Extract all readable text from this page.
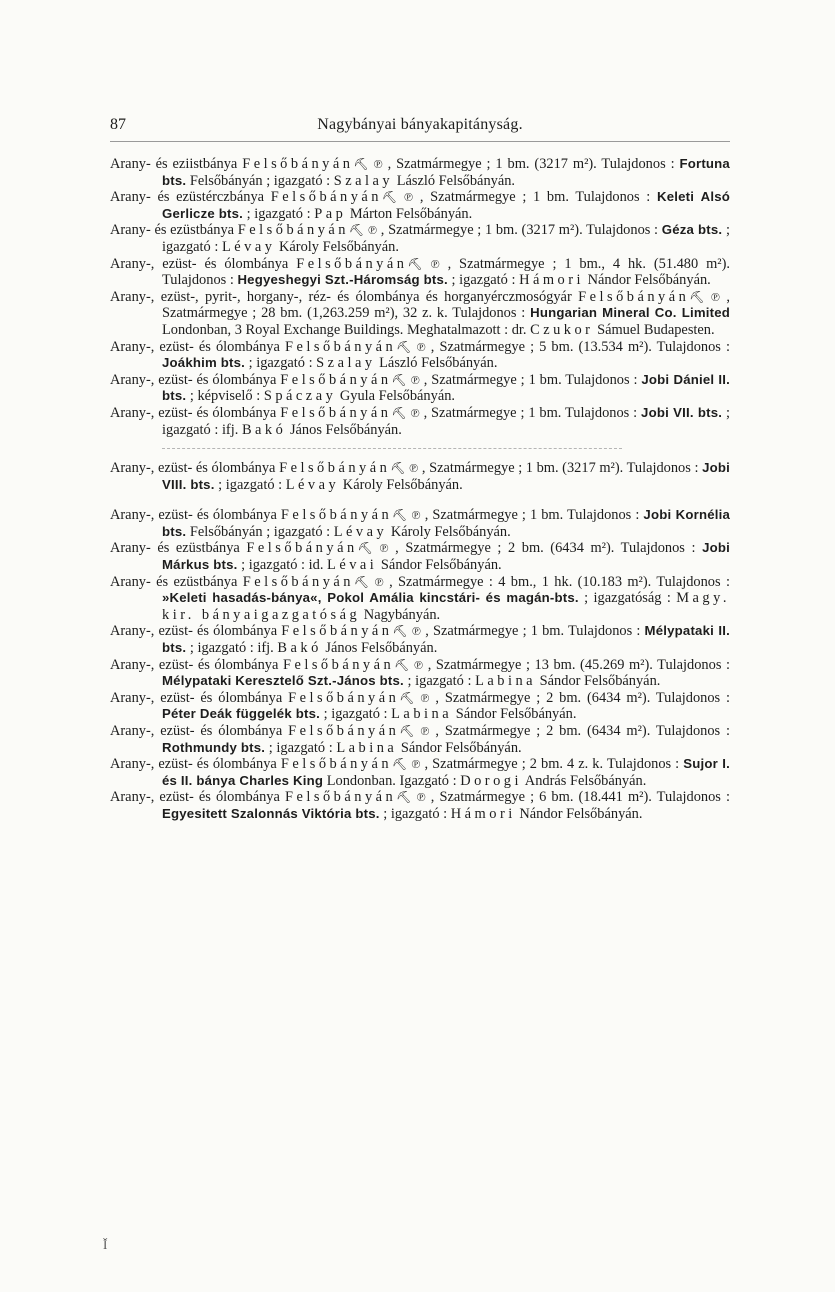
87	Nagybányai bányakapitányság.

Arany- és eziistbánya Felsőbányán⛏ ℗ , Szatmármegye ; 1 bm. (3217 m²). Tulajdonos : Fortuna bts. Felsőbányán ; igazgató : Szalay László Felsőbányán.

Arany- és ezüstérczbánya Felsőbányán⛏ ℗ , Szatmármegye ; 1 bm. Tulajdonos : Keleti Alsó Gerlicze bts. ; igazgató : Pap Márton Felsőbányán.

Arany- és ezüstbánya Felsőbányán⛏ ℗ , Szatmármegye ; 1 bm. (3217 m²). Tulajdonos : Géza bts. ; igazgató : Lévay Károly Felsőbányán.

Arany-, ezüst- és ólombánya Felsőbányán⛏ ℗ , Szatmármegye ; 1 bm., 4 hk. (51.480 m²). Tulajdonos : Hegyeshegyi Szt.-Háromság bts. ; igazgató : Hámori Nándor Felsőbányán.

Arany-, ezüst-, pyrit-, horgany-, réz- és ólombánya és horganyérczmosógyár Felsőbányán⛏ ℗ , Szatmármegye ; 28 bm. (1,263.259 m²), 32 z. k. Tulajdonos : Hungarian Mineral Co. Limited Londonban, 3 Royal Exchange Buildings. Meghatalmazott : dr. Czukor Sámuel Budapesten.

Arany-, ezüst- és ólombánya Felsőbányán⛏ ℗ , Szatmármegye ; 5 bm. (13.534 m²). Tulajdonos : Joákhim bts. ; igazgató : Szalay László Felsőbányán.

Arany-, ezüst- és ólombánya Felsőbányán⛏ ℗ , Szatmármegye ; 1 bm. Tulajdonos : Jobi Dániel II. bts. ; képviselő : Spáczay Gyula Felsőbányán.

Arany-, ezüst- és ólombánya Felsőbányán⛏ ℗ , Szatmármegye ; 1 bm. Tulajdonos : Jobi VII. bts. ; igazgató : ifj. Bakó János Felsőbányán.

Arany-, ezüst- és ólombánya Felsőbányán⛏ ℗ , Szatmármegye ; 1 bm. (3217 m²). Tulajdonos : Jobi VIII. bts. ; igazgató : Lévay Károly Felsőbányán.

Arany-, ezüst- és ólombánya Felsőbányán⛏ ℗ , Szatmármegye ; 1 bm. Tulajdonos : Jobi Kornélia bts. Felsőbányán ; igazgató : Lévay Károly Felsőbányán.

Arany- és ezüstbánya Felsőbányán⛏ ℗ , Szatmármegye ; 2 bm. (6434 m²). Tulajdonos : Jobi Márkus bts. ; igazgató : id. Lévai Sándor Felsőbányán.

Arany- és ezüstbánya Felsőbányán⛏ ℗ , Szatmármegye : 4 bm., 1 hk. (10.183 m²). Tulajdonos : »Keleti hasadás-bánya«, Pokol Amália kincstári- és magán-bts. ; igazgatóság : Magy. kir. bányaigazgatóság Nagybányán.

Arany-, ezüst- és ólombánya Felsőbányán⛏ ℗ , Szatmármegye ; 1 bm. Tulajdonos : Mélypataki II. bts. ; igazgató : ifj. Bakó János Felsőbányán.

Arany-, ezüst- és ólombánya Felsőbányán⛏ ℗ , Szatmármegye ; 13 bm. (45.269 m²). Tulajdonos : Mélypataki Keresztelő Szt.-János bts. ; igazgató : Labina Sándor Felsőbányán.

Arany-, ezüst- és ólombánya Felsőbányán⛏ ℗ , Szatmármegye ; 2 bm. (6434 m²). Tulajdonos : Péter Deák függelék bts. ; igazgató : Labina Sándor Felsőbányán.

Arany-, ezüst- és ólombánya Felsőbányán⛏ ℗ , Szatmármegye ; 2 bm. (6434 m²). Tulajdonos : Rothmundy bts. ; igazgató : Labina Sándor Felsőbányán.

Arany-, ezüst- és ólombánya Felsőbányán⛏ ℗ , Szatmármegye ; 2 bm. 4 z. k. Tulajdonos : Sujor I. és II. bánya Charles King Londonban. Igazgató : Dorogi András Felsőbányán.

Arany-, ezüst- és ólombánya Felsőbányán⛏ ℗ , Szatmármegye ; 6 bm. (18.441 m²). Tulajdonos : Egyesitett Szalonnás Viktória bts. ; igazgató : Hámori Nándor Felsőbányán.

Ǐ
